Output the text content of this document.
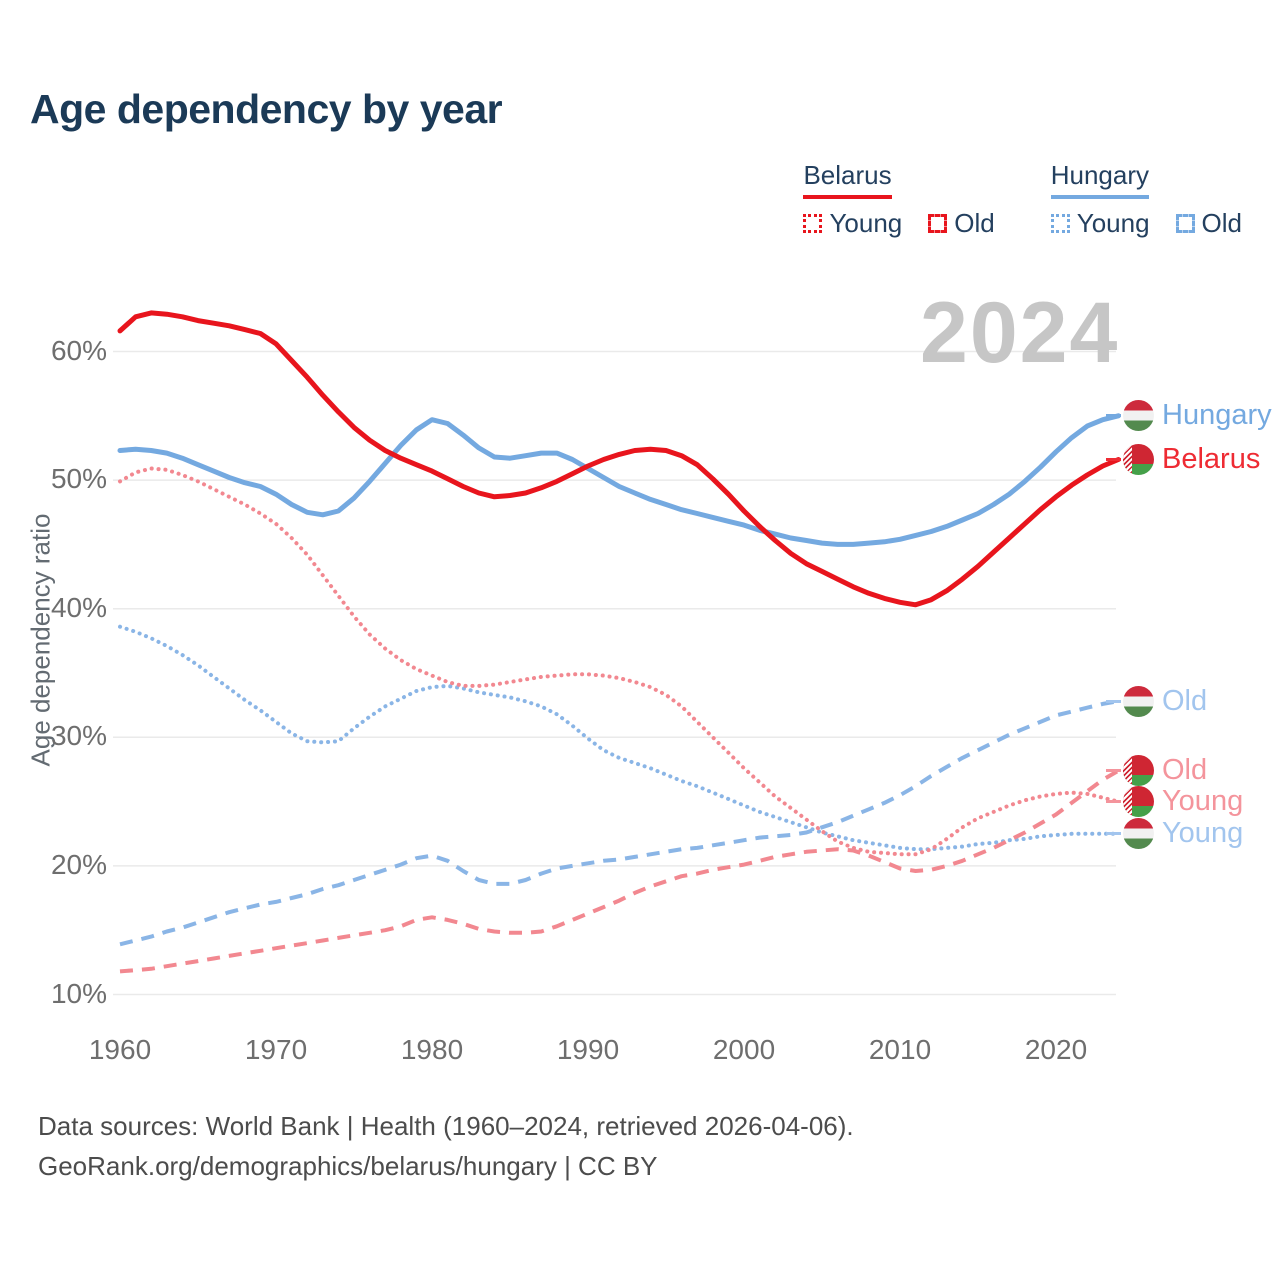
Age dependency by year
Belarus
Young Old
Hungary
Young Old
2024
Age dependency ratio
60%
50%
40%
30%
20%
10%
1960	1970	1980	1990	2000	2010	2020
Hungary
Belarus
Old
Old
Young
Young
Data sources: World Bank | Health (1960–2024, retrieved 2026-04-06).
GeoRank.org/demographics/belarus/hungary | CC BY
